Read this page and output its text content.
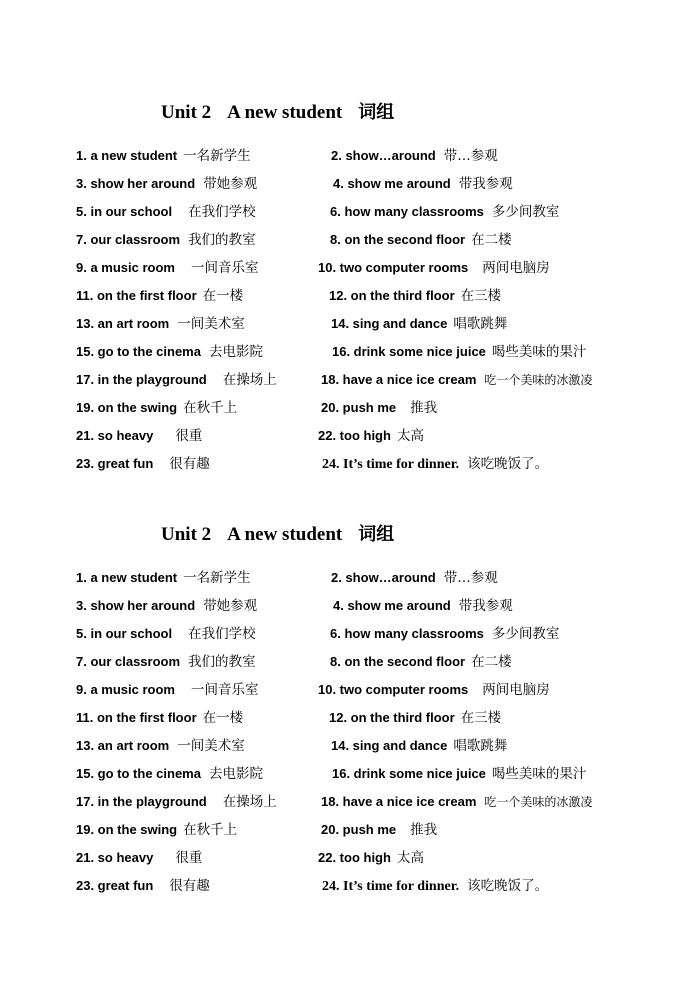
Unit 2 A new student 词组
1. a new student 一名新学生	2. show…around 带…参观
3. show her around 带她参观	4. show me around 带我参观
5. in our school 在我们学校	6. how many classrooms 多少间教室
7. our classroom 我们的教室	8. on the second floor 在二楼
9. a music room 一间音乐室	10. two computer rooms 两间电脑房
11. on the first floor 在一楼	12. on the third floor 在三楼
13. an art room 一间美术室	14. sing and dance 唱歌跳舞
15. go to the cinema 去电影院	16. drink some nice juice 喝些美味的果汁
17. in the playground 在操场上	18. have a nice ice cream 吃一个美味的冰激凌
19. on the swing 在秋千上	20. push me 推我
21. so heavy 很重	22. too high 太高
23. great fun 很有趣	24. It’s time for dinner. 该吃晚饭了。
Unit 2 A new student 词组
1. a new student 一名新学生	2. show…around 带…参观
3. show her around 带她参观	4. show me around 带我参观
5. in our school 在我们学校	6. how many classrooms 多少间教室
7. our classroom 我们的教室	8. on the second floor 在二楼
9. a music room 一间音乐室	10. two computer rooms 两间电脑房
11. on the first floor 在一楼	12. on the third floor 在三楼
13. an art room 一间美术室	14. sing and dance 唱歌跳舞
15. go to the cinema 去电影院	16. drink some nice juice 喝些美味的果汁
17. in the playground 在操场上	18. have a nice ice cream 吃一个美味的冰激凌
19. on the swing 在秋千上	20. push me 推我
21. so heavy 很重	22. too high 太高
23. great fun 很有趣	24. It’s time for dinner. 该吃晚饭了。
